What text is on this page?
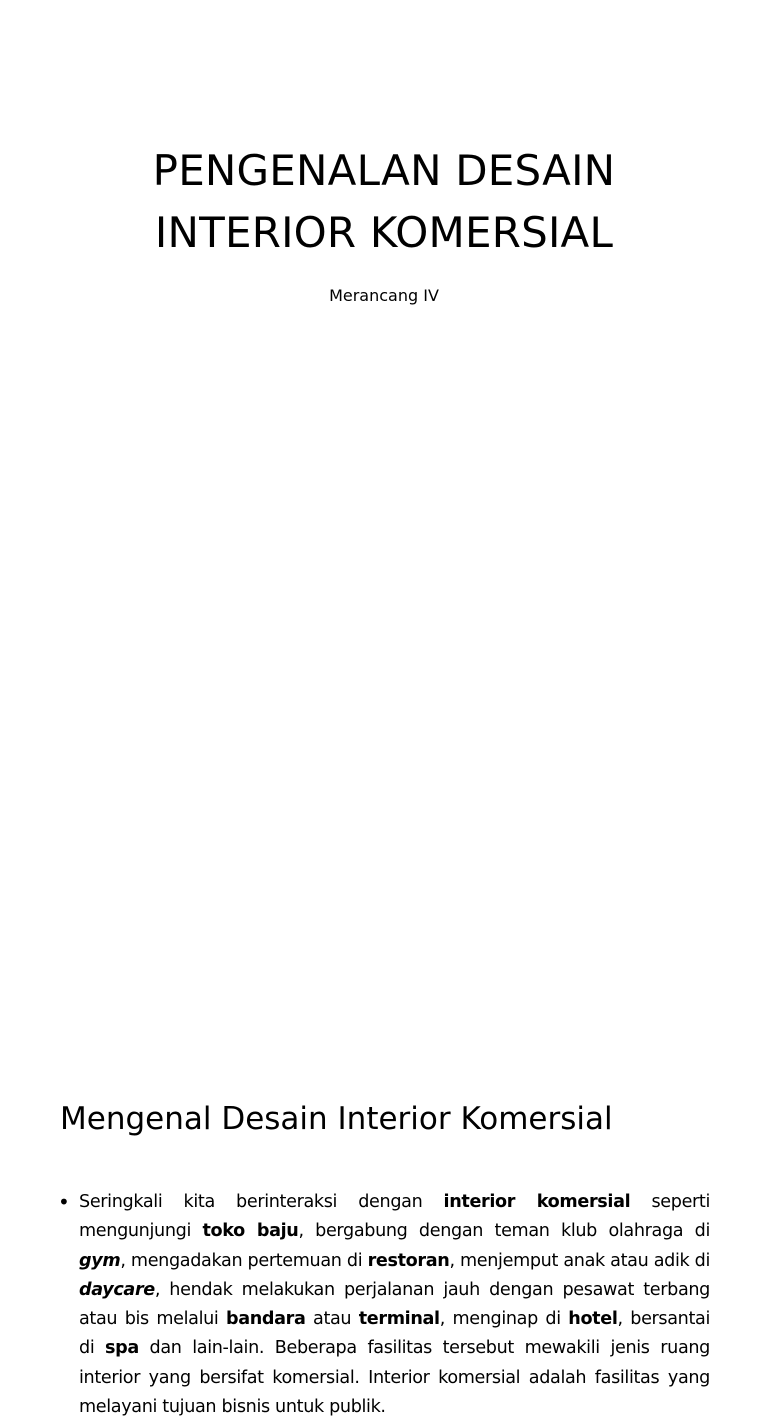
PENGENALAN DESAIN
INTERIOR KOMERSIAL
Merancang IV
Mengenal Desain Interior Komersial
• Seringkali kita berinteraksi dengan interior komersial seperti mengunjungi toko baju, bergabung dengan teman klub olahraga di gym, mengadakan pertemuan di restoran, menjemput anak atau adik di daycare, hendak melakukan perjalanan jauh dengan pesawat terbang atau bis melalui bandara atau terminal, menginap di hotel, bersantai di spa dan lain-lain. Beberapa fasilitas tersebut mewakili jenis ruang interior yang bersifat komersial. Interior komersial adalah fasilitas yang melayani tujuan bisnis untuk publik.
